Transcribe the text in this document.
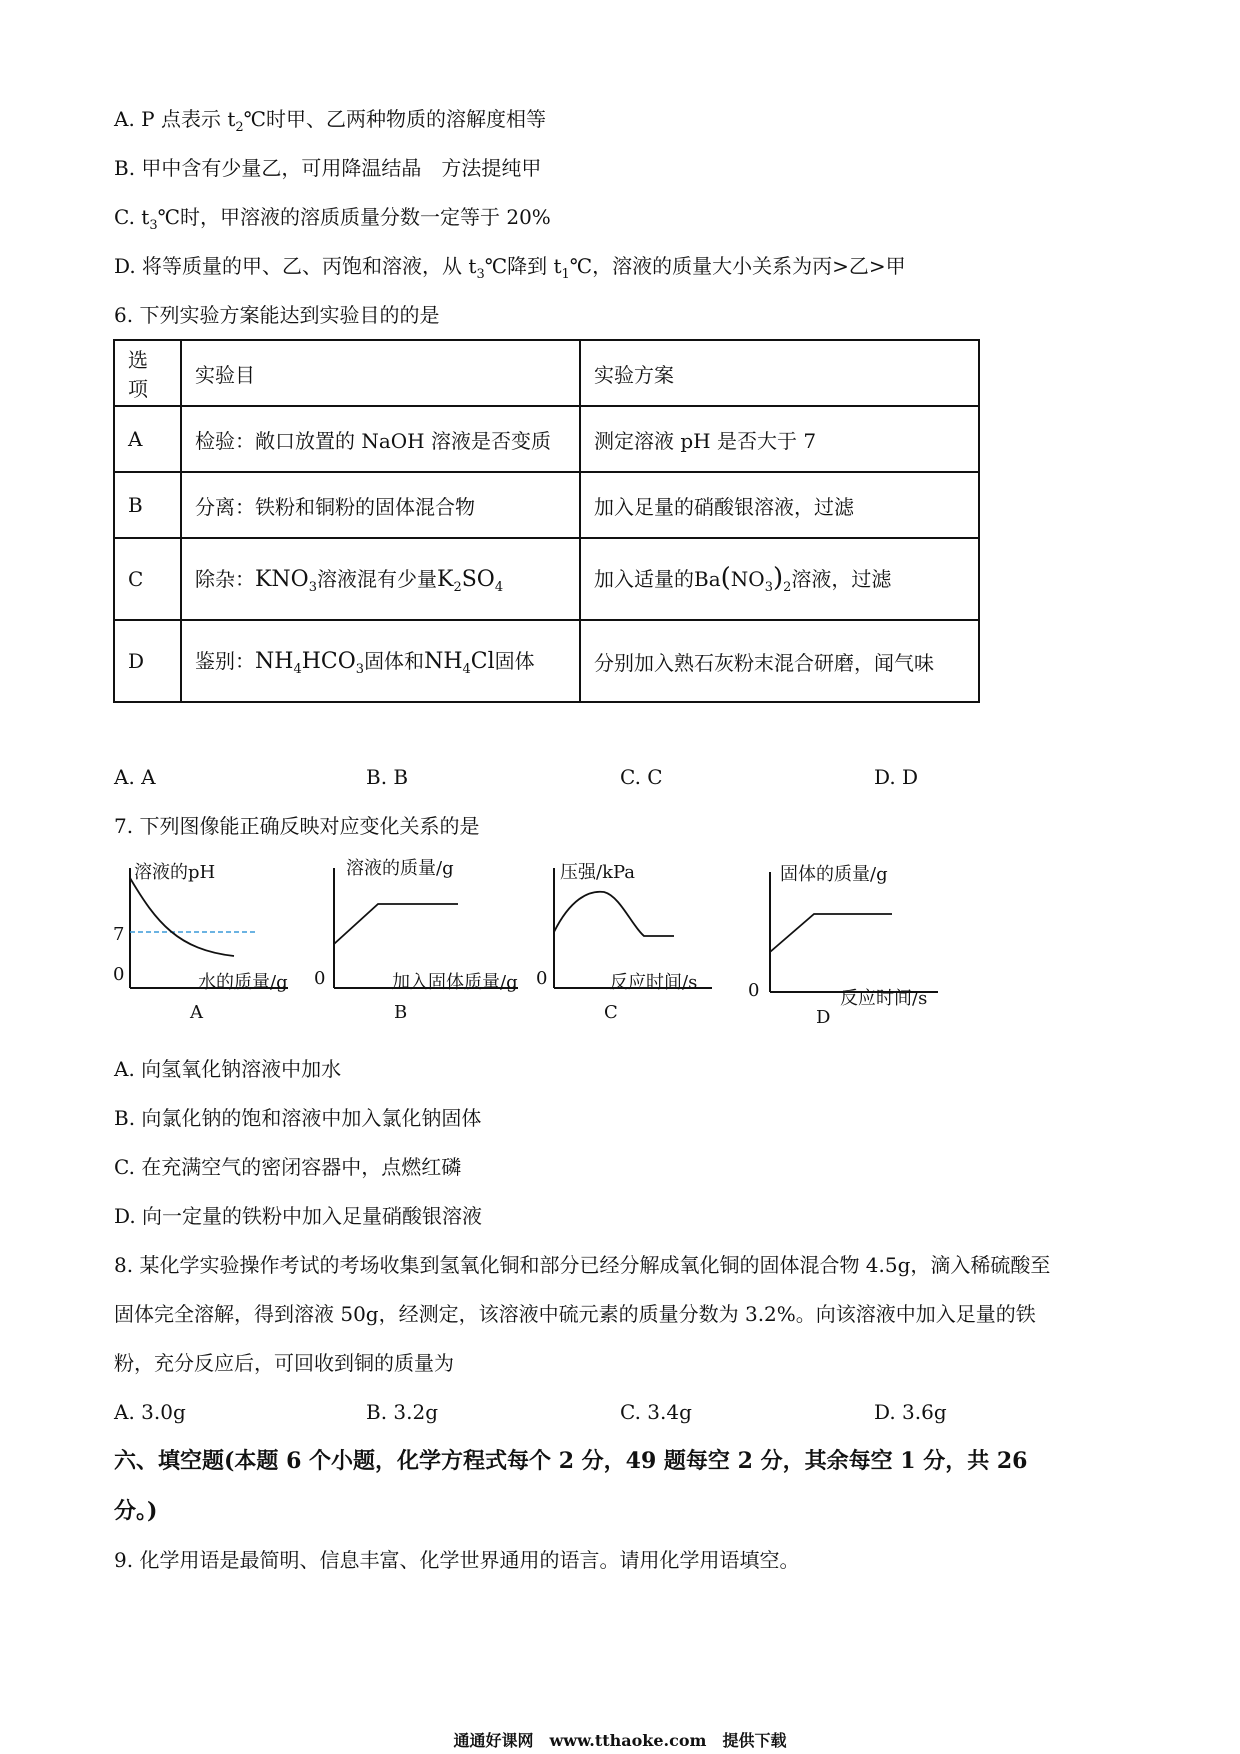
A. P 点表示 $t_2℃$时甲、乙两种物质的溶解度相等
B. 甲中含有少量乙，可用降温结晶　方法提纯甲
C. $t_3℃$时，甲溶液的溶质质量分数一定等于 20%
D. 将等质量的甲、乙、丙饱和溶液，从 $t_3℃$降到 $t_1℃$，溶液的质量大小关系为丙>乙>甲
6. 下列实验方案能达到实验目的的是
选项	实验目	实验方案
A	检验：敞口放置的 NaOH 溶液是否变质	测定溶液 pH 是否大于 7
B	分离：铁粉和铜粉的固体混合物	加入足量的硝酸银溶液，过滤
C	除杂：$KNO_3$溶液混有少量$K_2SO_4$	加入适量的$Ba(NO_3)_2$溶液，过滤
D	鉴别：$NH_4HCO_3$固体和$NH_4Cl$固体	分别加入熟石灰粉末混合研磨，闻气味
A. A	B. B	C. C	D. D
7. 下列图像能正确反映对应变化关系的是
溶液的pH
7
0	水的质量/g
A
溶液的质量/g
0	加入固体质量/g
B
压强/kPa
0	反应时间/s
C
固体的质量/g
0	反应时间/s
D
A. 向氢氧化钠溶液中加水
B. 向氯化钠的饱和溶液中加入氯化钠固体
C. 在充满空气的密闭容器中，点燃红磷
D. 向一定量的铁粉中加入足量硝酸银溶液
8. 某化学实验操作考试的考场收集到氢氧化铜和部分已经分解成氧化铜的固体混合物 4.5g，滴入稀硫酸至
固体完全溶解，得到溶液 50g，经测定，该溶液中硫元素的质量分数为 3.2%。向该溶液中加入足量的铁
粉，充分反应后，可回收到铜的质量为
A. 3.0g	B. 3.2g	C. 3.4g	D. 3.6g
六、填空题(本题 6 个小题，化学方程式每个 2 分，49 题每空 2 分，其余每空 1 分，共 26
分。)
9. 化学用语是最简明、信息丰富、化学世界通用的语言。请用化学用语填空。
通通好课网　www.tthaoke.com　提供下载
